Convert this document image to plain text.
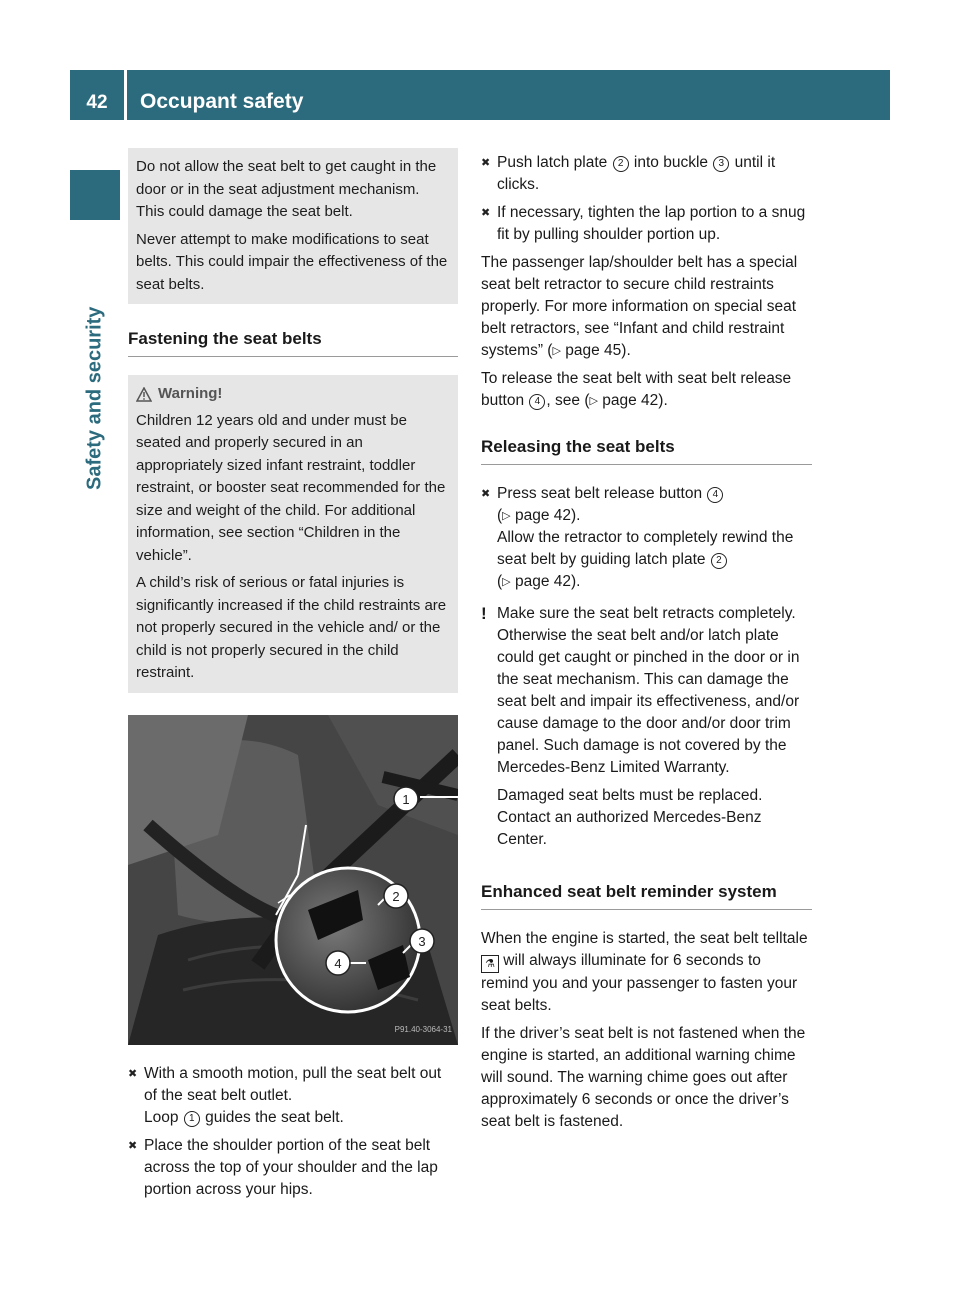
42	Occupant safety
Safety and security

Do not allow the seat belt to get caught in the door or in the seat adjustment mechanism. This could damage the seat belt.

Never attempt to make modifications to seat belts. This could impair the effectiveness of the seat belts.

Fastening the seat belts
Warning!

Children 12 years old and under must be seated and properly secured in an appropriately sized infant restraint, toddler restraint, or booster seat recommended for the size and weight of the child. For additional information, see section “Children in the vehicle”.

A child’s risk of serious or fatal injuries is significantly increased if the child restraints are not properly secured in the vehicle and/ or the child is not properly secured in the child restraint.

1
2
3
4
P91.40-3064-31
✖ With a smooth motion, pull the seat belt out of the seat belt outlet.
Loop 1 guides the seat belt.
✖ Place the shoulder portion of the seat belt across the top of your shoulder and the lap portion across your hips.
✖ Push latch plate 2 into buckle 3 until it clicks.
✖ If necessary, tighten the lap portion to a snug fit by pulling shoulder portion up.

The passenger lap/shoulder belt has a special seat belt retractor to secure child restraints properly. For more information on special seat belt retractors, see “Infant and child restraint systems” (▷ page 45).

To release the seat belt with seat belt release button 4 , see (▷ page 42).

Releasing the seat belts
✖ Press seat belt release button 4
(▷ page 42).
Allow the retractor to completely rewind the seat belt by guiding latch plate 2
(▷ page 42).
! Make sure the seat belt retracts completely. Otherwise the seat belt and/or latch plate could get caught or pinched in the door or in the seat mechanism. This can damage the seat belt and impair its effectiveness, and/or cause damage to the door and/or door trim panel. Such damage is not covered by the Mercedes-Benz Limited Warranty.

Damaged seat belts must be replaced. Contact an authorized Mercedes-Benz Center.

Enhanced seat belt reminder system

When the engine is started, the seat belt telltale ⚗ will always illuminate for 6 seconds to remind you and your passenger to fasten your seat belts.

If the driver’s seat belt is not fastened when the engine is started, an additional warning chime will sound. The warning chime goes out after approximately 6 seconds or once the driver’s seat belt is fastened.
